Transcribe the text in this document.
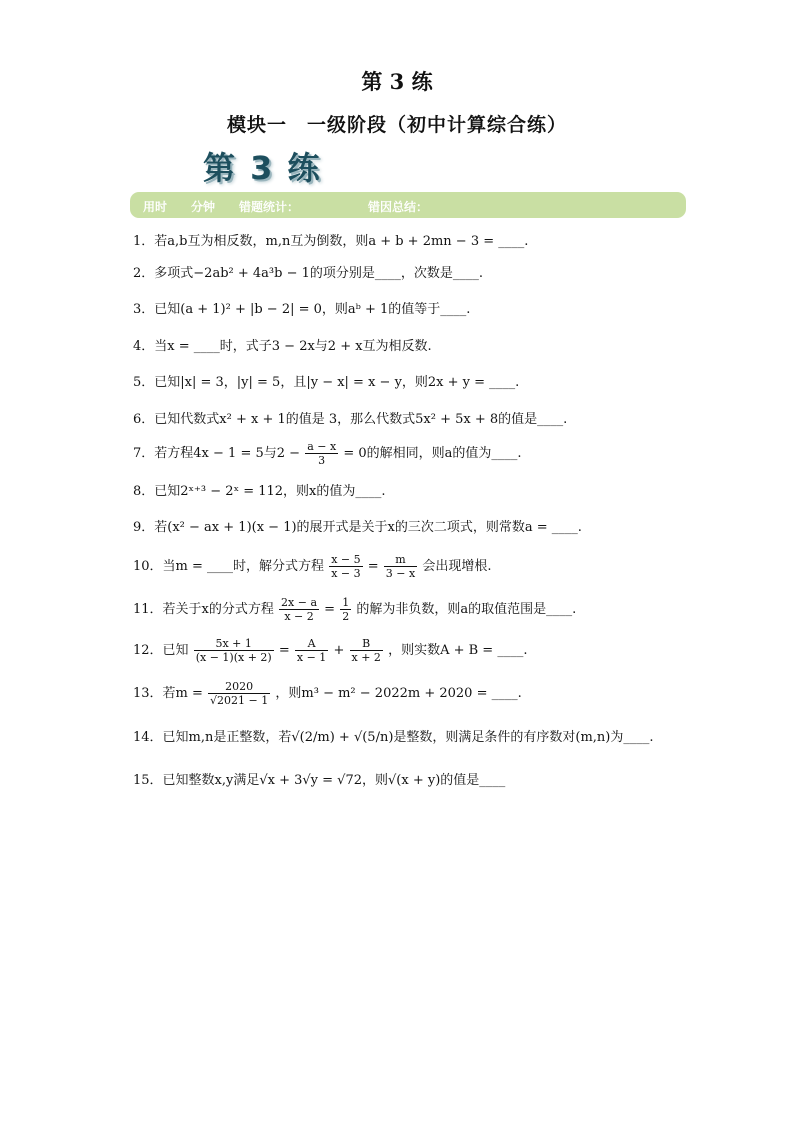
第 3 练
模块一　一级阶段（初中计算综合练）
第 3 练
用时 分钟 错题统计：	错因总结：
1．若a,b互为相反数，m,n互为倒数，则a + b + 2mn − 3 = ____.
2．多项式−2ab² + 4a³b − 1的项分别是____，次数是____.
3．已知(a + 1)² + |b − 2| = 0，则aᵇ + 1的值等于____.
4．当x = ____时，式子3 − 2x与2 + x互为相反数.
5．已知|x| = 3，|y| = 5，且|y − x| = x − y，则2x + y = ____.
6．已知代数式x² + x + 1的值是 3，那么代数式5x² + 5x + 8的值是____.
7．若方程4x − 1 = 5与$2 - \frac{a - x}{3} = 0$的解相同，则a的值为____.
8．已知2ˣ⁺³ − 2ˣ = 112，则x的值为____.
9．若(x² − ax + 1)(x − 1)的展开式是关于x的三次二项式，则常数a = ____.
10．当m = ____时，解分式方程 $\frac{x - 5}{x - 3} = \frac{m}{3 - x}$ 会出现增根.
11．若关于x的分式方程 $\frac{2x - a}{x - 2} = \frac{1}{2}$ 的解为非负数，则a的取值范围是____.
12．已知 $\frac{5x + 1}{(x - 1)(x + 2)} = \frac{A}{x - 1} + \frac{B}{x + 2}$ ，则实数A + B = ____.
13．若$m = \frac{2020}{√2021 - 1}$ ，则m³ − m² − 2022m + 2020 = ____.
14．已知m,n是正整数，若√(2/m) + √(5/n)是整数，则满足条件的有序数对(m,n)为____.
15．已知整数x,y满足√x + 3√y = √72，则√(x + y)的值是____
